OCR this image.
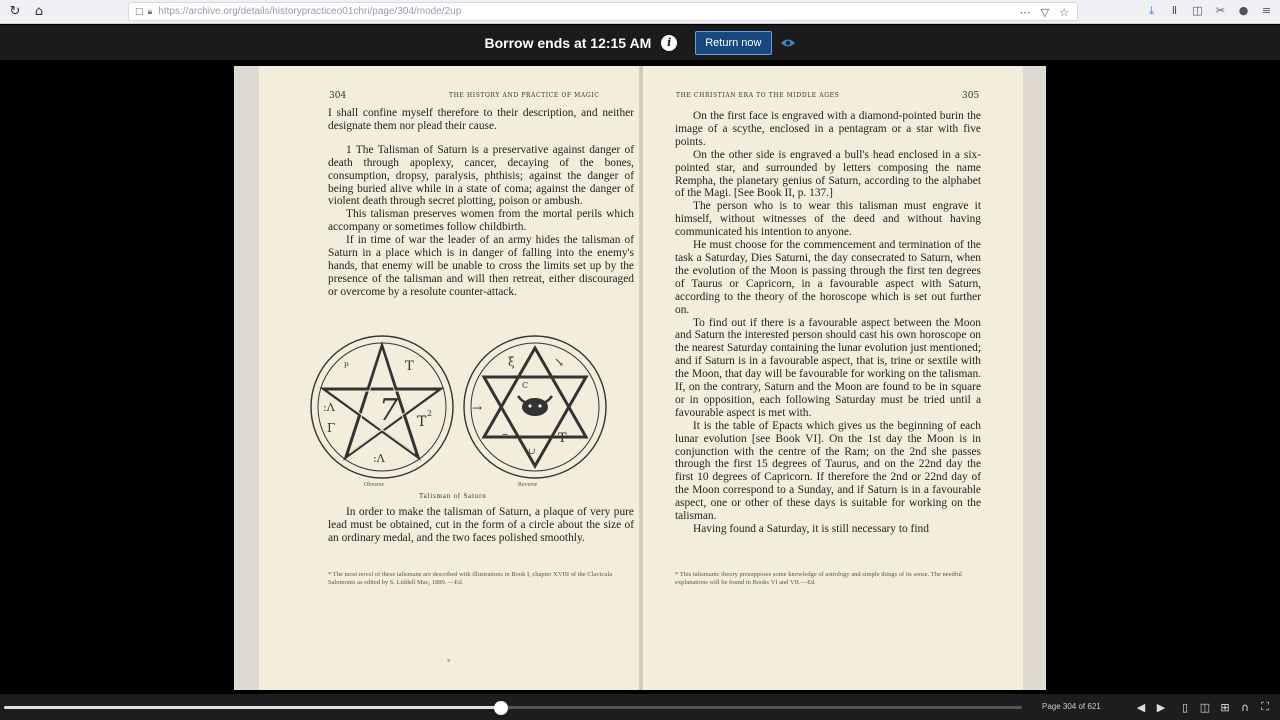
↻	⌂	□ 🔒︎ https://archive.org/details/historypracticeo01chri/page/304/mode/2up	⋯ ▽ ☆	⤓	Ⅱ	◫ ✂ ● ≡
Borrow ends at 12:15 AM	i	Return now
304	THE HISTORY AND PRACTICE OF MAGIC

I shall confine myself therefore to their description, and neither designate them nor plead their cause.

1 The Talisman of Saturn is a preservative against danger of death through apoplexy, cancer, decaying of the bones, consumption, dropsy, paralysis, phthisis; against the danger of being buried alive while in a state of coma; against the danger of violent death through secret plotting, poison or ambush.

This talisman preserves women from the mortal perils which accompany or sometimes follow childbirth.

If in time of war the leader of an army hides the talisman of Saturn in a place which is in danger of falling into the enemy's hands, that enemy will be unable to cross the limits set up by the presence of the talisman and will then retreat, either discouraged or overcome by a resolute counter-attack.

7
ᵖ	T
:Λ
Γ	T
2
:Λ
ξ	↘
→
C
–	T
∪
Obverse	Reverse
Talisman of Saturn

In order to make the talisman of Saturn, a plaque of very pure lead must be obtained, cut in the form of a circle about the size of an ordinary medal, and the two faces polished smoothly.

* The most novel of these talismans are described with illustrations in Book I, chapter XVIII of the Clavicula Salomonis as edited by S. Liddell Mac, 1889. —Ed.
x
THE CHRISTIAN ERA TO THE MIDDLE AGES	305

On the first face is engraved with a diamond-pointed burin the image of a scythe, enclosed in a pentagram or a star with five points.

On the other side is engraved a bull's head enclosed in a six-pointed star, and surrounded by letters composing the name Rempha, the planetary genius of Saturn, according to the alphabet of the Magi. [See Book II, p. 137.]

The person who is to wear this talisman must engrave it himself, without witnesses of the deed and without having communicated his intention to anyone.

He must choose for the commencement and termination of the task a Saturday, Dies Saturni, the day consecrated to Saturn, when the evolution of the Moon is passing through the first ten degrees of Taurus or Capricorn, in a favourable aspect with Saturn, according to the theory of the horoscope which is set out further on.

To find out if there is a favourable aspect between the Moon and Saturn the interested person should cast his own horoscope on the nearest Saturday containing the lunar evolution just mentioned; and if Saturn is in a favourable aspect, that is, trine or sextile with the Moon, that day will be favourable for working on the talisman. If, on the contrary, Saturn and the Moon are found to be in square or in opposition, each following Saturday must be tried until a favourable aspect is met with.

It is the table of Epacts which gives us the beginning of each lunar evolution [see Book VI]. On the 1st day the Moon is in conjunction with the centre of the Ram; on the 2nd she passes through the first 15 degrees of Taurus, and on the 22nd day the first 10 degrees of Capricorn. If therefore the 2nd or 22nd day of the Moon correspond to a Sunday, and if Saturn is in a favourable aspect, one or other of these days is suitable for working on the talisman.

Having found a Saturday, it is still necessary to find

* This talismanic theory presupposes some knowledge of astrology and simple things of its sense. The needful explanations will be found in Books VI and VII.—Ed.
Page 304 of 621	◀ ▶	▯	◫ ⊞ ∩ ⛶
